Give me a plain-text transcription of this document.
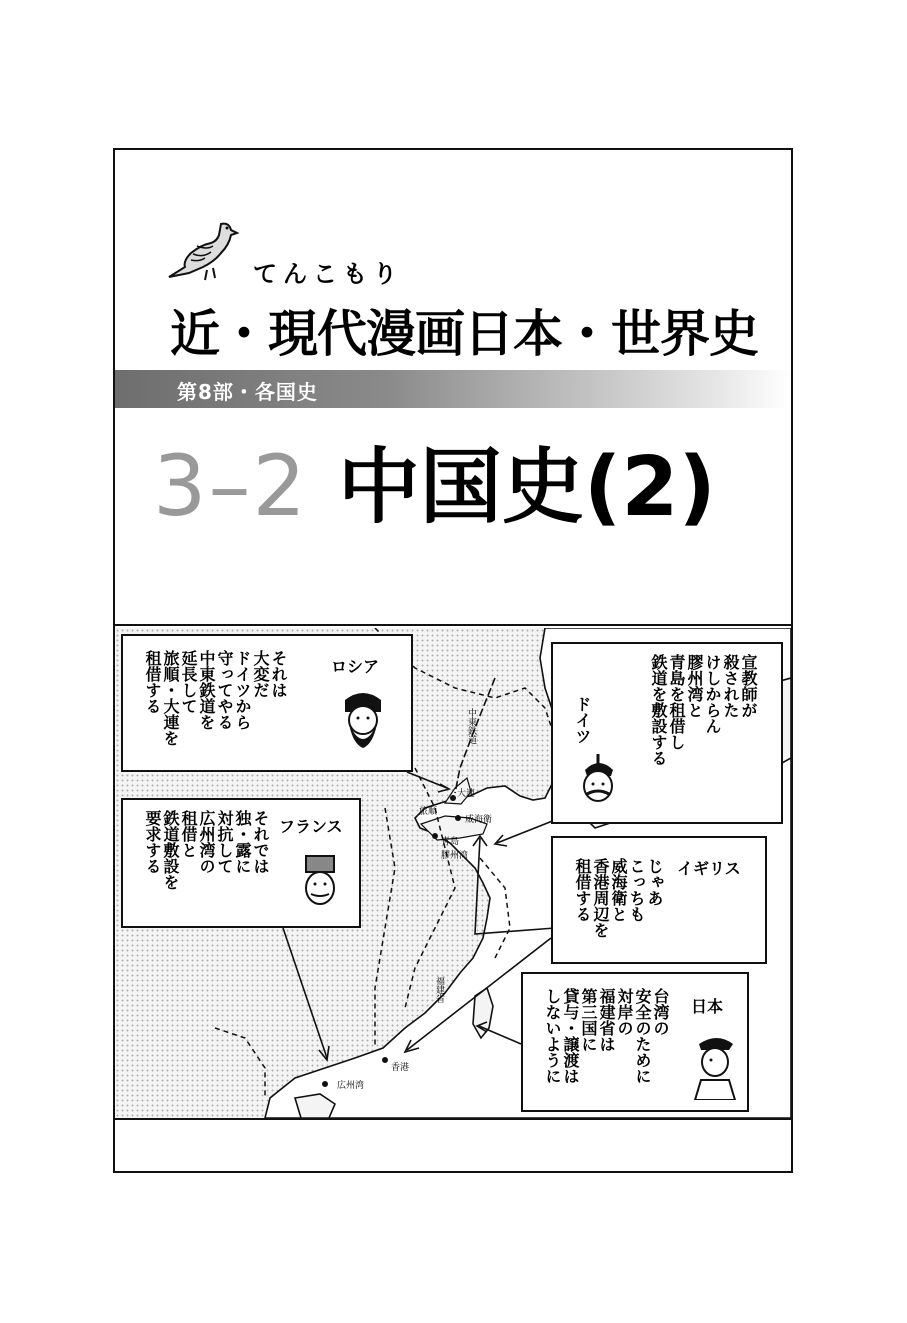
てんこもり
近・現代漫画日本・世界史
第8部・各国史
3–2 中国史(2)
中東鉄道
大連
旅順
威海衛
青島
膠州湾
福建省
香港
広州湾
ロシア
それは
大変だ
ドイツから
守ってやる
中東鉄道を
延長して
旅順・大連を
租借する
ドイツ
宣教師が
殺された
けしからん
膠州湾と
青島を租借し
鉄道を敷設する
フランス
それでは
独・露に
対抗して
広州湾の
租借と
鉄道敷設を
要求する	イギリス
じゃあ
こっちも
威海衛と
香港周辺を
租借する
日本
台湾の
安全のために
対岸の
福建省は
第三国に
貸与・譲渡は
しないように
